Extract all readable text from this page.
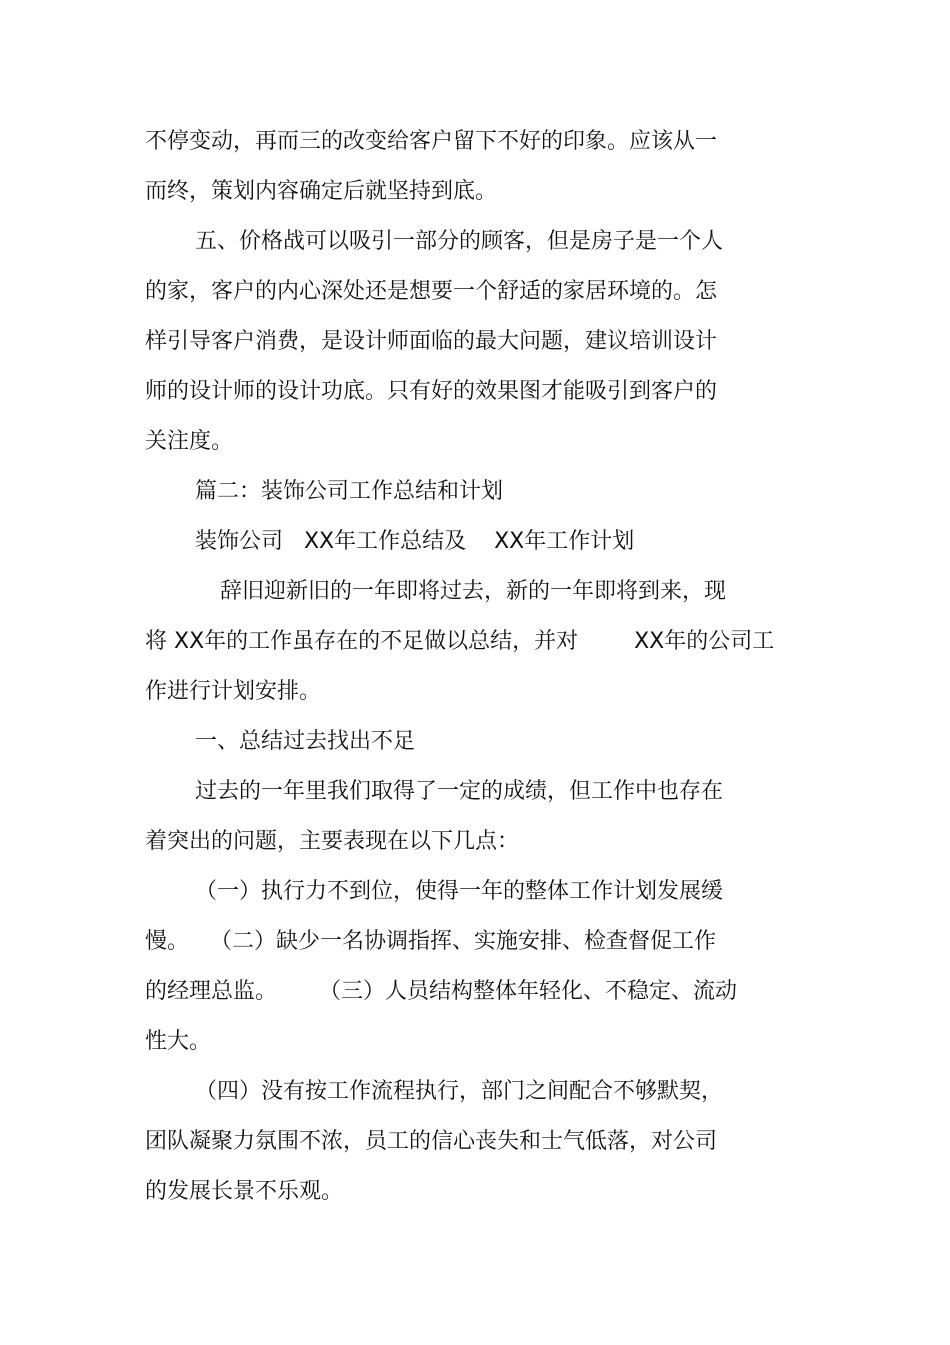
不停变动，再而三的改变给客户留下不好的印象。应该从一
而终，策划内容确定后就坚持到底。
五、价格战可以吸引一部分的顾客，但是房子是一个人
的家，客户的内心深处还是想要一个舒适的家居环境的。怎
样引导客户消费，是设计师面临的最大问题，建议培训设计
师的设计师的设计功底。只有好的效果图才能吸引到客户的
关注度。
篇二：装饰公司工作总结和计划
装饰公司   XX年工作总结及    XX年工作计划
辞旧迎新旧的一年即将过去，新的一年即将到来，现
将 XX年的工作虽存在的不足做以总结，并对        XX年的公司工
作进行计划安排。
一、总结过去找出不足
过去的一年里我们取得了一定的成绩，但工作中也存在
着突出的问题，主要表现在以下几点：
（一）执行力不到位，使得一年的整体工作计划发展缓
慢。   （二）缺少一名协调指挥、实施安排、检查督促工作
的经理总监。      （三）人员结构整体年轻化、不稳定、流动
性大。
（四）没有按工作流程执行，部门之间配合不够默契，
团队凝聚力氛围不浓，员工的信心丧失和士气低落，对公司
的发展长景不乐观。
